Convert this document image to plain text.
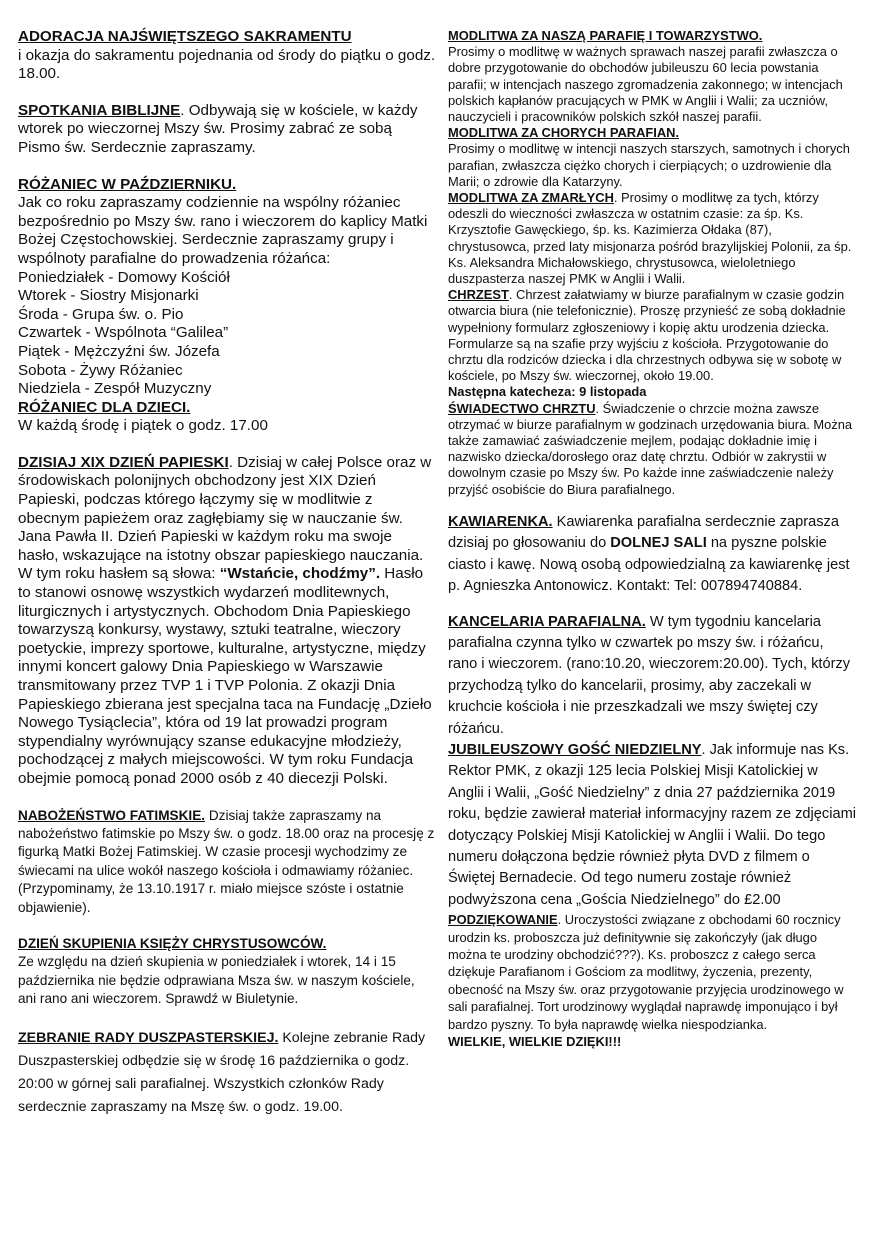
ADORACJA NAJŚWIĘTSZEGO SAKRAMENTU
i okazja do sakramentu pojednania od środy do piątku o godz. 18.00.
SPOTKANIA BIBLIJNE. Odbywają się w kościele, w każdy wtorek po wieczornej Mszy św. Prosimy zabrać ze sobą Pismo św. Serdecznie zapraszamy.
RÓŻANIEC W PAŹDZIERNIKU.
Jak co roku zapraszamy codziennie na wspólny różaniec bezpośrednio po Mszy św. rano i wieczorem do kaplicy Matki Bożej Częstochowskiej. Serdecznie zapraszamy grupy i wspólnoty parafialne do prowadzenia różańca:
Poniedziałek - Domowy Kościół
Wtorek - Siostry Misjonarki
Środa - Grupa św. o. Pio
Czwartek - Wspólnota “Galilea”
Piątek - Mężczyźni św. Józefa
Sobota - Żywy Różaniec
Niedziela - Zespół Muzyczny
RÓŻANIEC DLA DZIECI.
W każdą środę i piątek o godz. 17.00
DZISIAJ XIX DZIEŃ PAPIESKI. Dzisiaj w całej Polsce oraz w środowiskach polonijnych obchodzony jest XIX Dzień Papieski, podczas którego łączymy się w modlitwie z obecnym papieżem oraz zagłębiamy się w nauczanie św. Jana Pawła II. Dzień Papieski w każdym roku ma swoje hasło, wskazujące na istotny obszar papieskiego nauczania. W tym roku hasłem są słowa: “Wstańcie, chodźmy”. Hasło to stanowi osnowę wszystkich wydarzeń modlitewnych, liturgicznych i artystycznych. Obchodom Dnia Papieskiego towarzyszą konkursy, wystawy, sztuki teatralne, wieczory poetyckie, imprezy sportowe, kulturalne, artystyczne, między innymi koncert galowy Dnia Papieskiego w Warszawie transmitowany przez TVP 1 i TVP Polonia. Z okazji Dnia Papieskiego zbierana jest specjalna taca na Fundację „Dzieło Nowego Tysiąclecia”, która od 19 lat prowadzi program stypendialny wyrównujący szanse edukacyjne młodzieży, pochodzącej z małych miejscowości. W tym roku Fundacja obejmie pomocą ponad 2000 osób z 40 diecezji Polski.
NABOŻEŃSTWO FATIMSKIE. Dzisiaj także zapraszamy na nabożeństwo fatimskie po Mszy św. o godz. 18.00 oraz na procesję z figurką Matki Bożej Fatimskiej. W czasie procesji wychodzimy ze świecami na ulice wokół naszego kościoła i odmawiamy różaniec. (Przypominamy, że 13.10.1917 r. miało miejsce szóste i ostatnie objawienie).
DZIEŃ SKUPIENIA KSIĘŻY CHRYSTUSOWCÓW.
Ze względu na dzień skupienia w poniedziałek i wtorek, 14 i 15 października nie będzie odprawiana Msza św. w naszym kościele, ani rano ani wieczorem. Sprawdź w Biuletynie.
ZEBRANIE RADY DUSZPASTERSKIEJ. Kolejne zebranie Rady Duszpasterskiej odbędzie się w środę 16 października o godz. 20:00 w górnej sali parafialnej. Wszystkich członków Rady serdecznie zapraszamy na Mszę św. o godz. 19.00.
MODLITWA ZA NASZĄ PARAFIĘ I TOWARZYSTWO.
Prosimy o modlitwę w ważnych sprawach naszej parafii zwłaszcza o dobre przygotowanie do obchodów jubileuszu 60 lecia powstania parafii; w intencjach naszego zgromadzenia zakonnego; w intencjach polskich kapłanów pracujących w PMK w Anglii i Walii; za uczniów, nauczycieli i pracowników polskich szkół naszej parafii.
MODLITWA ZA CHORYCH PARAFIAN.
Prosimy o modlitwę w intencji naszych starszych, samotnych i chorych parafian, zwłaszcza ciężko chorych i cierpiących; o uzdrowienie dla Marii; o zdrowie dla Katarzyny.
MODLITWA ZA ZMARŁYCH. Prosimy o modlitwę za tych, którzy odeszli do wieczności zwłaszcza w ostatnim czasie: za śp. Ks. Krzysztofie Gawęckiego, śp. ks. Kazimierza Ołdaka (87), chrystusowca, przed laty misjonarza pośród brazylijskiej Polonii, za śp. Ks. Aleksandra Michałowskiego, chrystusowca, wieloletniego duszpasterza naszej PMK w Anglii i Walii.
CHRZEST. Chrzest załatwiamy w biurze parafialnym w czasie godzin otwarcia biura (nie telefonicznie). Proszę przynieść ze sobą dokładnie wypełniony formularz zgłoszeniowy i kopię aktu urodzenia dziecka. Formularze są na szafie przy wyjściu z kościoła. Przygotowanie do chrztu dla rodziców dziecka i dla chrzestnych odbywa się w sobotę w kościele, po Mszy św. wieczornej, około 19.00.
Następna katecheza: 9 listopada
ŚWIADECTWO CHRZTU. Świadczenie o chrzcie można zawsze otrzymać w biurze parafialnym w godzinach urzędowania biura. Można także zamawiać zaświadczenie mejlem, podając dokładnie imię i nazwisko dziecka/dorosłego oraz datę chrztu. Odbiór w zakrystii w dowolnym czasie po Mszy św. Po każde inne zaświadczenie należy przyjść osobiście do Biura parafialnego.
KAWIARENKA. Kawiarenka parafialna serdecznie zaprasza dzisiaj po głosowaniu do DOLNEJ SALI na pyszne polskie ciasto i kawę. Nową osobą odpowiedzialną za kawiarenkę jest p. Agnieszka Antonowicz. Kontakt: Tel: 007894740884.
KANCELARIA PARAFIALNA. W tym tygodniu kancelaria parafialna czynna tylko w czwartek po mszy św. i różańcu, rano i wieczorem. (rano:10.20, wieczorem:20.00). Tych, którzy przychodzą tylko do kancelarii, prosimy, aby zaczekali w kruchcie kościoła i nie przeszkadzali we mszy świętej czy różańcu.
JUBILEUSZOWY GOŚĆ NIEDZIELNY. Jak informuje nas Ks. Rektor PMK, z okazji 125 lecia Polskiej Misji Katolickiej w Anglii i Walii, „Gość Niedzielny” z dnia 27 października 2019 roku, będzie zawierał materiał informacyjny razem ze zdjęciami dotyczący Polskiej Misji Katolickiej w Anglii i Walii. Do tego numeru dołączona będzie również płyta DVD z filmem o Świętej Bernadecie. Od tego numeru zostaje również podwyższona cena „Gościa Niedzielnego” do £2.00
PODZIĘKOWANIE. Uroczystości związane z obchodami 60 rocznicy urodzin ks. proboszcza już definitywnie się zakończyły (jak długo można te urodziny obchodzić???). Ks. proboszcz z całego serca dziękuje Parafianom i Gościom za modlitwy, życzenia, prezenty, obecność na Mszy św. oraz przygotowanie przyjęcia urodzinowego w sali parafialnej. Tort urodzinowy wyglądał naprawdę imponująco i był bardzo pyszny. To była naprawdę wielka niespodzianka.
WIELKIE, WIELKIE DZIĘKI!!!
